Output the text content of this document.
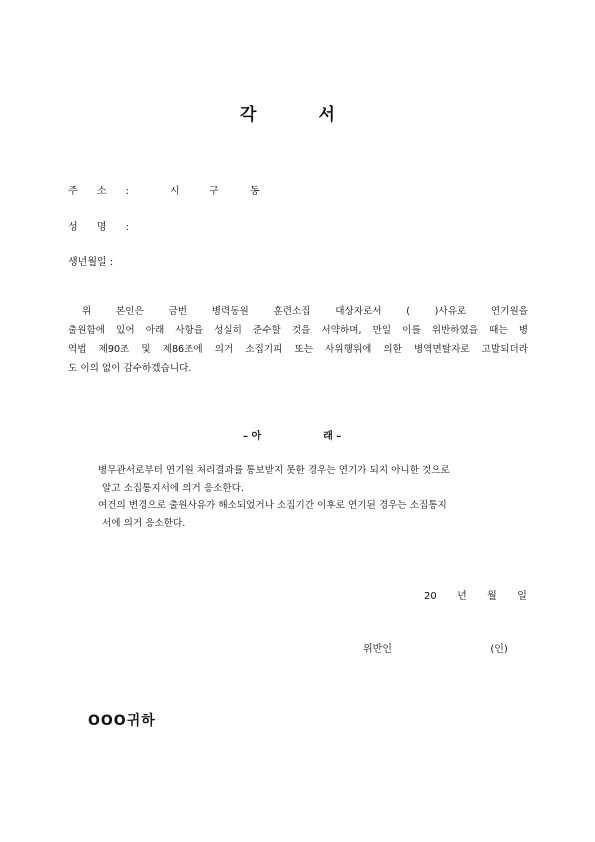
각	서
주 소 :	시	구	동
성 명 :
생년월일 :
위 본인은 금번 병력동원 훈련소집 대상자로서 ( )사유로 연기원을
출원함에 있어 아래 사항을 성실히 준수할 것을 서약하며, 만일 이를 위반하였을 때는 병
역법 제90조 및 제86조에 의거 소집기피 또는 사위행위에 의한 병역면탈자로 고발되더라
도 이의 없이 감수하겠습니다.
– 아	래 –
병무관서로부터 연기원 처리결과를 통보받지 못한 경우는 연기가 되지 아니한 것으로
알고 소집통지서에 의거 응소한다.
여건의 변경으로 출원사유가 해소되었거나 소집기간 이후로 연기된 경우는 소집통지
서에 의거 응소한다.
20 년 월 일
위반인	(인)
OOO귀하
